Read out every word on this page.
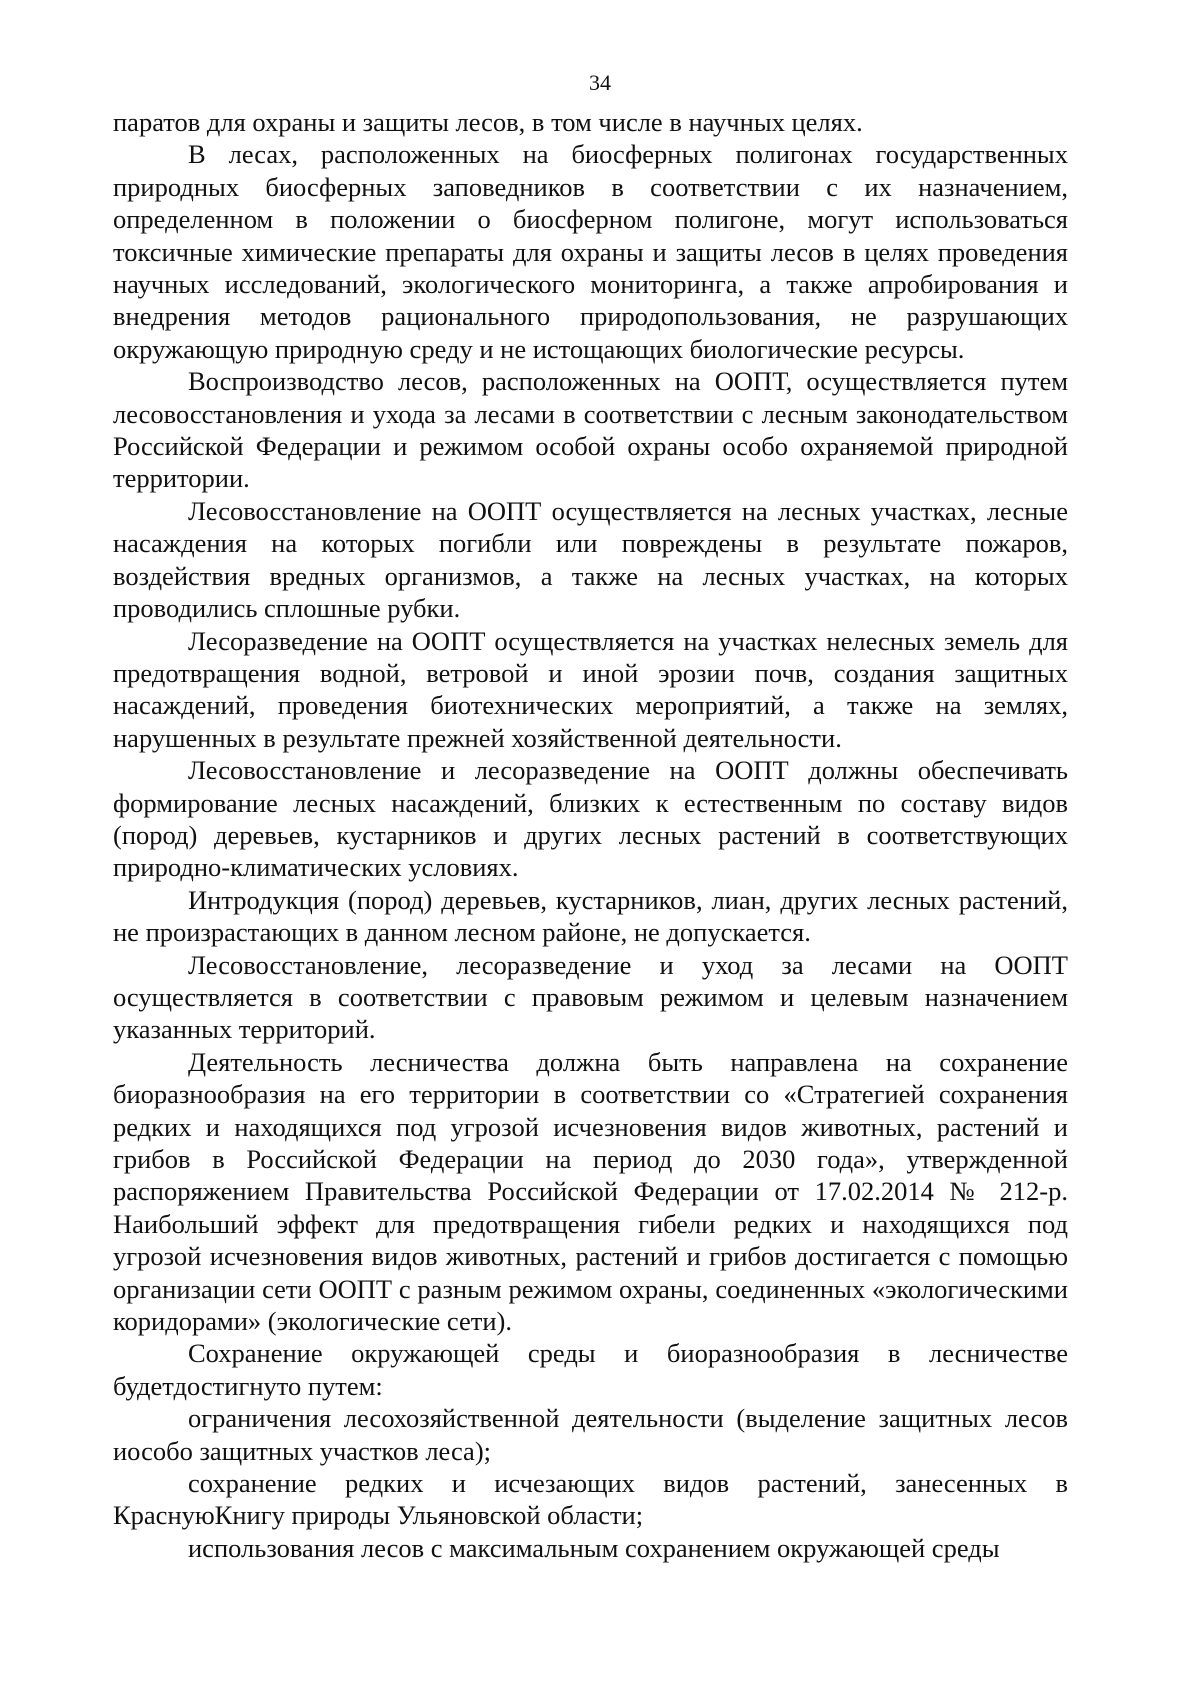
34

паратов для охраны и защиты лесов, в том числе в научных целях.

В лесах, расположенных на биосферных полигонах государственных природных биосферных заповедников в соответствии с их назначением, определенном в положении о биосферном полигоне, могут использоваться токсичные химические препараты для охраны и защиты лесов в целях проведения научных исследований, экологического мониторинга, а также апробирования и внедрения методов рационального природопользования, не разрушающих окружающую природную среду и не истощающих биологические ресурсы.

Воспроизводство лесов, расположенных на ООПТ, осуществляется путем лесовосстановления и ухода за лесами в соответствии с лесным законодательством Российской Федерации и режимом особой охраны особо охраняемой природной территории.

Лесовосстановление на ООПТ осуществляется на лесных участках, лесные насаждения на которых погибли или повреждены в результате пожаров, воздействия вредных организмов, а также на лесных участках, на которых проводились сплошные рубки.

Лесоразведение на ООПТ осуществляется на участках нелесных земель для предотвращения водной, ветровой и иной эрозии почв, создания защитных насаждений, проведения биотехнических мероприятий, а также на землях, нарушенных в результате прежней хозяйственной деятельности.

Лесовосстановление и лесоразведение на ООПТ должны обеспечивать формирование лесных насаждений, близких к естественным по составу видов (пород) деревьев, кустарников и других лесных растений в соответствующих природно-климатических условиях.

Интродукция (пород) деревьев, кустарников, лиан, других лесных растений, не произрастающих в данном лесном районе, не допускается.

Лесовосстановление, лесоразведение и уход за лесами на ООПТ осуществляется в соответствии с правовым режимом и целевым назначением указанных территорий.

Деятельность лесничества должна быть направлена на сохранение биоразнообразия на его территории в соответствии со «Стратегией сохранения редких и находящихся под угрозой исчезновения видов животных, растений и грибов в Российской Федерации на период до 2030 года», утвержденной распоряжением Правительства Российской Федерации от 17.02.2014 № 212-р. Наибольший эффект для предотвращения гибели редких и находящихся под угрозой исчезновения видов животных, растений и грибов достигается с помощью организации сети ООПТ с разным режимом охраны, соединенных «экологическими коридорами» (экологические сети).

Сохранение окружающей среды и биоразнообразия в лесничестве будетдостигнуто путем:

ограничения лесохозяйственной деятельности (выделение защитных лесов иособо защитных участков леса);

сохранение редких и исчезающих видов растений, занесенных в КраснуюКнигу природы Ульяновской области;

использования лесов с максимальным сохранением окружающей среды
